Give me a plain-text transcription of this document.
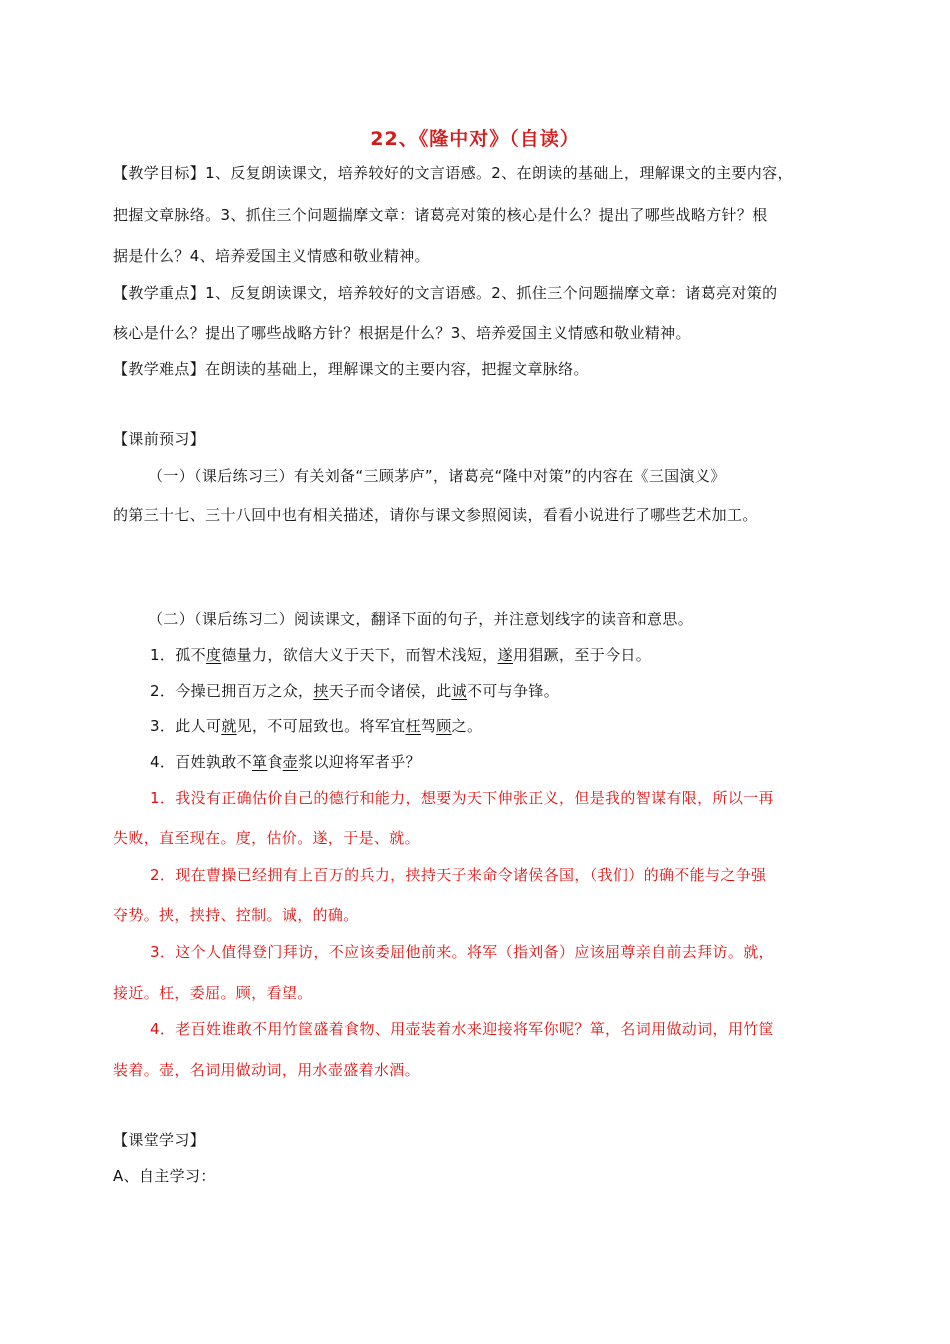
22、《隆中对》（自读）
【教学目标】1、反复朗读课文，培养较好的文言语感。2、在朗读的基础上，理解课文的主要内容，
把握文章脉络。3、抓住三个问题揣摩文章：诸葛亮对策的核心是什么？提出了哪些战略方针？根
据是什么？4、培养爱国主义情感和敬业精神。
【教学重点】1、反复朗读课文，培养较好的文言语感。2、抓住三个问题揣摩文章：诸葛亮对策的
核心是什么？提出了哪些战略方针？根据是什么？3、培养爱国主义情感和敬业精神。
【教学难点】在朗读的基础上，理解课文的主要内容，把握文章脉络。
【课前预习】
（一）（课后练习三）有关刘备“三顾茅庐”，诸葛亮“隆中对策”的内容在《三国演义》
的第三十七、三十八回中也有相关描述，请你与课文参照阅读，看看小说进行了哪些艺术加工。
（二）（课后练习二）阅读课文，翻译下面的句子，并注意划线字的读音和意思。
1．孤不度德量力，欲信大义于天下，而智术浅短，遂用猖蹶，至于今日。
2．今操已拥百万之众，挟天子而令诸侯，此诚不可与争锋。
3．此人可就见，不可屈致也。将军宜枉驾顾之。
4．百姓孰敢不箪食壶浆以迎将军者乎？
1．我没有正确估价自己的德行和能力，想要为天下伸张正义，但是我的智谋有限，所以一再
失败，直至现在。度，估价。遂，于是、就。
2．现在曹操已经拥有上百万的兵力，挟持天子来命令诸侯各国，（我们）的确不能与之争强
夺势。挟，挟持、控制。诚，的确。
3．这个人值得登门拜访，不应该委屈他前来。将军（指刘备）应该屈尊亲自前去拜访。就，
接近。枉，委屈。顾，看望。
4．老百姓谁敢不用竹筐盛着食物、用壶装着水来迎接将军你呢？箪，名词用做动词，用竹筐
装着。壶，名词用做动词，用水壶盛着水酒。
【课堂学习】
A、自主学习：
